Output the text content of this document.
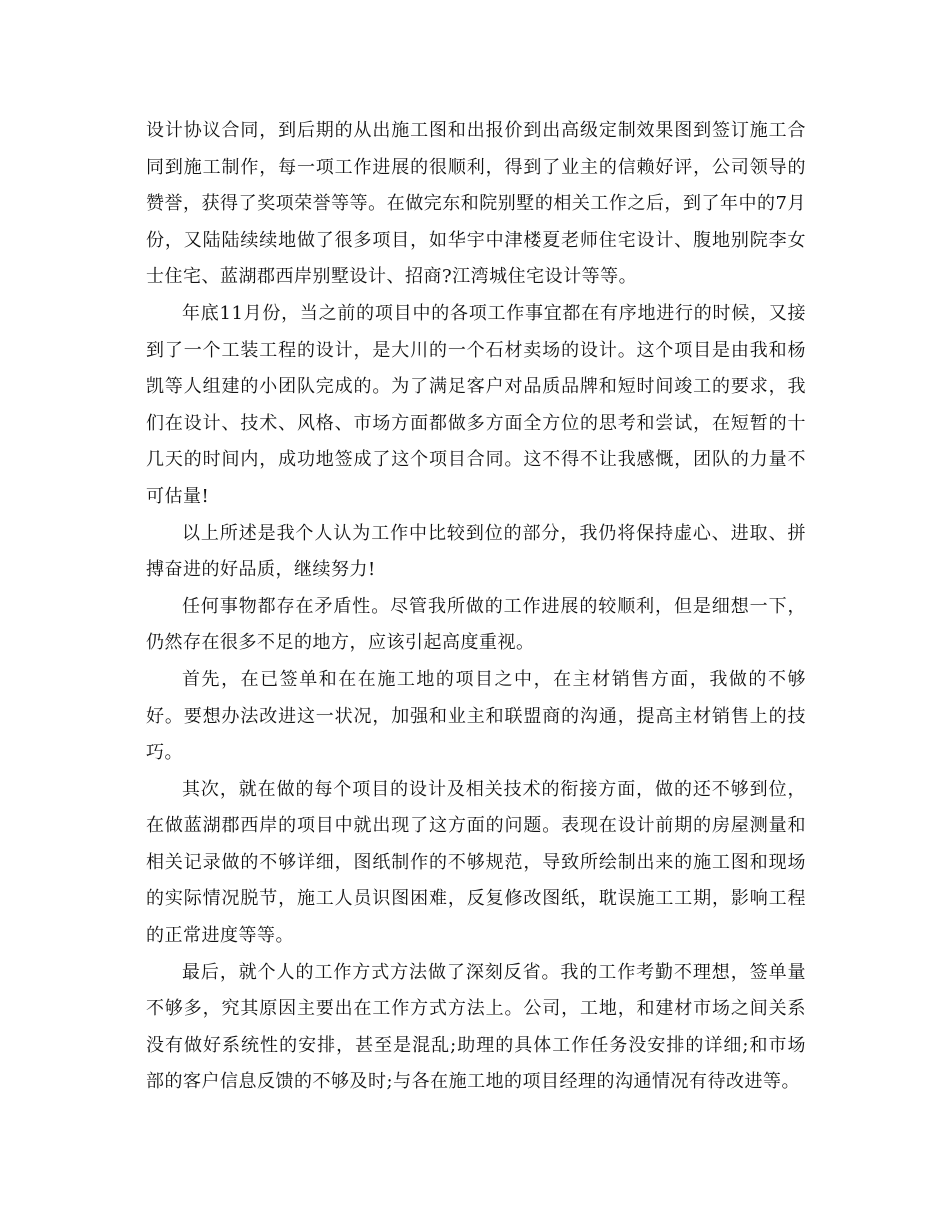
设计协议合同，到后期的从出施工图和出报价到出高级定制效果图到签订施工合同到施工制作，每一项工作进展的很顺利，得到了业主的信赖好评，公司领导的赞誉，获得了奖项荣誉等等。在做完东和院别墅的相关工作之后，到了年中的7月份，又陆陆续续地做了很多项目，如华宇中津楼夏老师住宅设计、腹地别院李女士住宅、蓝湖郡西岸别墅设计、招商?江湾城住宅设计等等。

年底11月份，当之前的项目中的各项工作事宜都在有序地进行的时候，又接到了一个工装工程的设计，是大川的一个石材卖场的设计。这个项目是由我和杨凯等人组建的小团队完成的。为了满足客户对品质品牌和短时间竣工的要求，我们在设计、技术、风格、市场方面都做多方面全方位的思考和尝试，在短暂的十几天的时间内，成功地签成了这个项目合同。这不得不让我感慨，团队的力量不可估量!

以上所述是我个人认为工作中比较到位的部分，我仍将保持虚心、进取、拼搏奋进的好品质，继续努力!

任何事物都存在矛盾性。尽管我所做的工作进展的较顺利，但是细想一下，仍然存在很多不足的地方，应该引起高度重视。

首先，在已签单和在在施工地的项目之中，在主材销售方面，我做的不够好。要想办法改进这一状况，加强和业主和联盟商的沟通，提高主材销售上的技巧。

其次，就在做的每个项目的设计及相关技术的衔接方面，做的还不够到位，在做蓝湖郡西岸的项目中就出现了这方面的问题。表现在设计前期的房屋测量和相关记录做的不够详细，图纸制作的不够规范，导致所绘制出来的施工图和现场的实际情况脱节，施工人员识图困难，反复修改图纸，耽误施工工期，影响工程的正常进度等等。

最后，就个人的工作方式方法做了深刻反省。我的工作考勤不理想，签单量不够多，究其原因主要出在工作方式方法上。公司，工地，和建材市场之间关系没有做好系统性的安排，甚至是混乱;助理的具体工作任务没安排的详细;和市场部的客户信息反馈的不够及时;与各在施工地的项目经理的沟通情况有待改进等。
